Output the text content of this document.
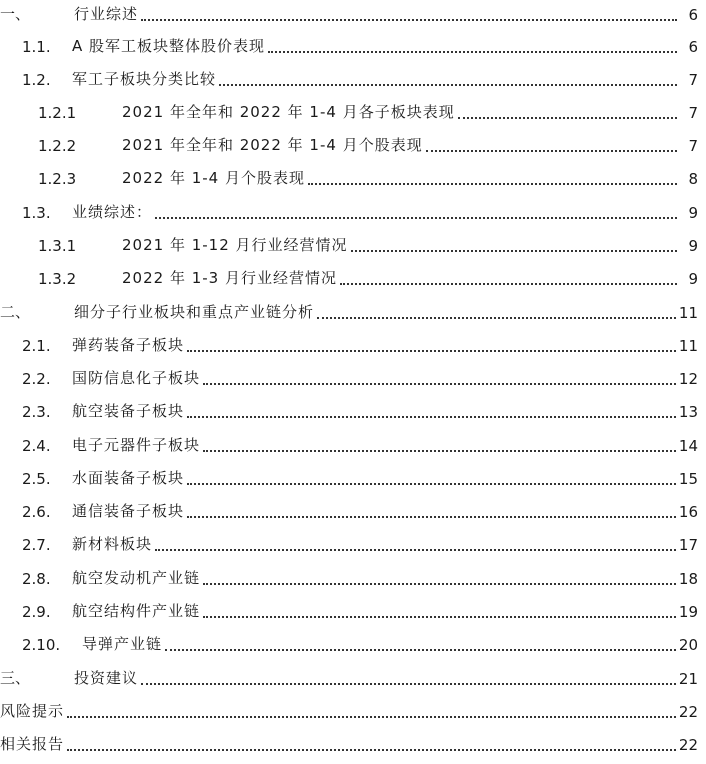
一、	行业综述	6
1.1.	A 股军工板块整体股价表现	6
1.2.	军工子板块分类比较	7
1.2.1	2021 年全年和 2022 年 1-4 月各子板块表现	7
1.2.2	2021 年全年和 2022 年 1-4 月个股表现	7
1.2.3	2022 年 1-4 月个股表现	8
1.3.	业绩综述：	9
1.3.1	2021 年 1-12 月行业经营情况	9
1.3.2	2022 年 1-3 月行业经营情况	9
二、	细分子行业板块和重点产业链分析	11
2.1.	弹药装备子板块	11
2.2.	国防信息化子板块	12
2.3.	航空装备子板块	13
2.4.	电子元器件子板块	14
2.5.	水面装备子板块	15
2.6.	通信装备子板块	16
2.7.	新材料板块	17
2.8.	航空发动机产业链	18
2.9.	航空结构件产业链	19
2.10.	导弹产业链	20
三、	投资建议	21
风险提示	22
相关报告	22
